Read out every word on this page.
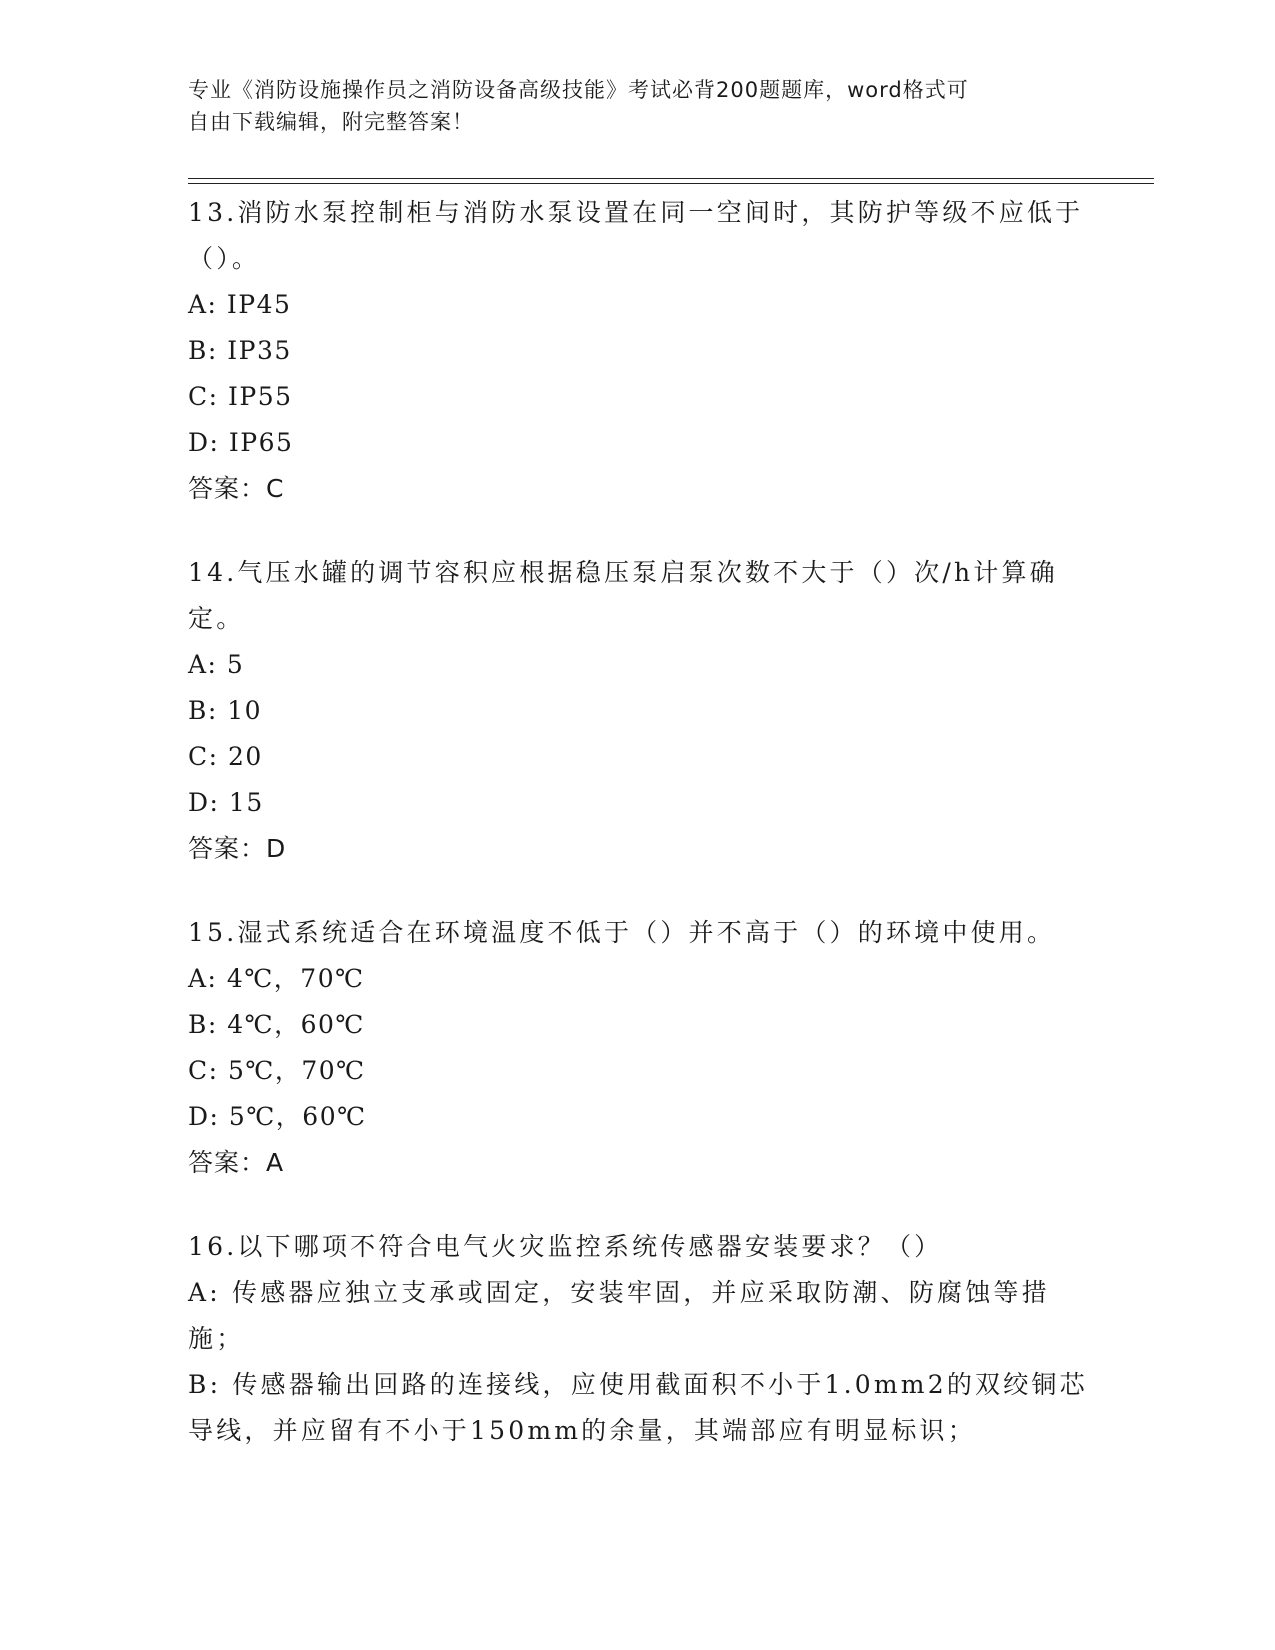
专业《消防设施操作员之消防设备高级技能》考试必背200题题库，word格式可
自由下载编辑，附完整答案！
13.消防水泵控制柜与消防水泵设置在同一空间时，其防护等级不应低于（）。
A: IP45
B: IP35
C: IP55
D: IP65
答案：C
14.气压水罐的调节容积应根据稳压泵启泵次数不大于（）次/h计算确定。
A: 5
B: 10
C: 20
D: 15
答案：D
15.湿式系统适合在环境温度不低于（）并不高于（）的环境中使用。
A: 4℃，70℃
B: 4℃，60℃
C: 5℃，70℃
D: 5℃，60℃
答案：A
16.以下哪项不符合电气火灾监控系统传感器安装要求？（）
A: 传感器应独立支承或固定，安装牢固，并应采取防潮、防腐蚀等措施；
B: 传感器输出回路的连接线，应使用截面积不小于1.0mm2的双绞铜芯导线，并应留有不小于150mm的余量，其端部应有明显标识；
